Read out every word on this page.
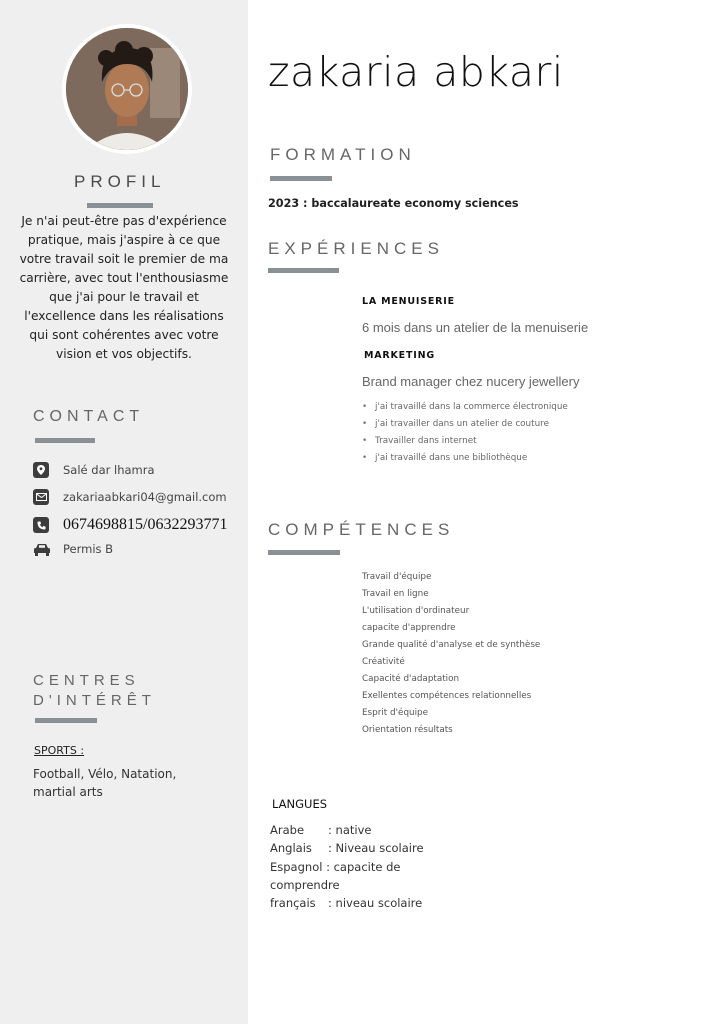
PROFIL
Je n'ai peut-être pas d'expérience pratique, mais j'aspire à ce que votre travail soit le premier de ma carrière, avec tout l'enthousiasme que j'ai pour le travail et l'excellence dans les réalisations qui sont cohérentes avec votre vision et vos objectifs.
CONTACT
Salé dar lhamra
zakariaabkari04@gmail.com
0674698815/0632293771
Permis B
CENTRES
D'INTÉRÊT
SPORTS :
Football, Vélo, Natation,
martial arts
zakaria abkari
FORMATION
2023 : baccalaureate economy sciences
EXPÉRIENCES
LA MENUISERIE
6 mois dans un atelier de la menuiserie
MARKETING
Brand manager chez nucery jewellery
• j'ai travaillé dans la commerce électronique
• j'ai travailler dans un atelier de couture
• Travailler dans internet
• j'ai travaillé dans une bibliothèque
COMPÉTENCES
Travail d'équipe
Travail en ligne
L'utilisation d'ordinateur
capacite d'apprendre
Grande qualité d'analyse et de synthèse
Créativité
Capacité d'adaptation
Exellentes compétences relationnelles
Esprit d'équipe
Orientation résultats
LANGUES
Arabe : native
Anglais : Niveau scolaire
Espagnol : capacite de
comprendre
français : niveau scolaire
